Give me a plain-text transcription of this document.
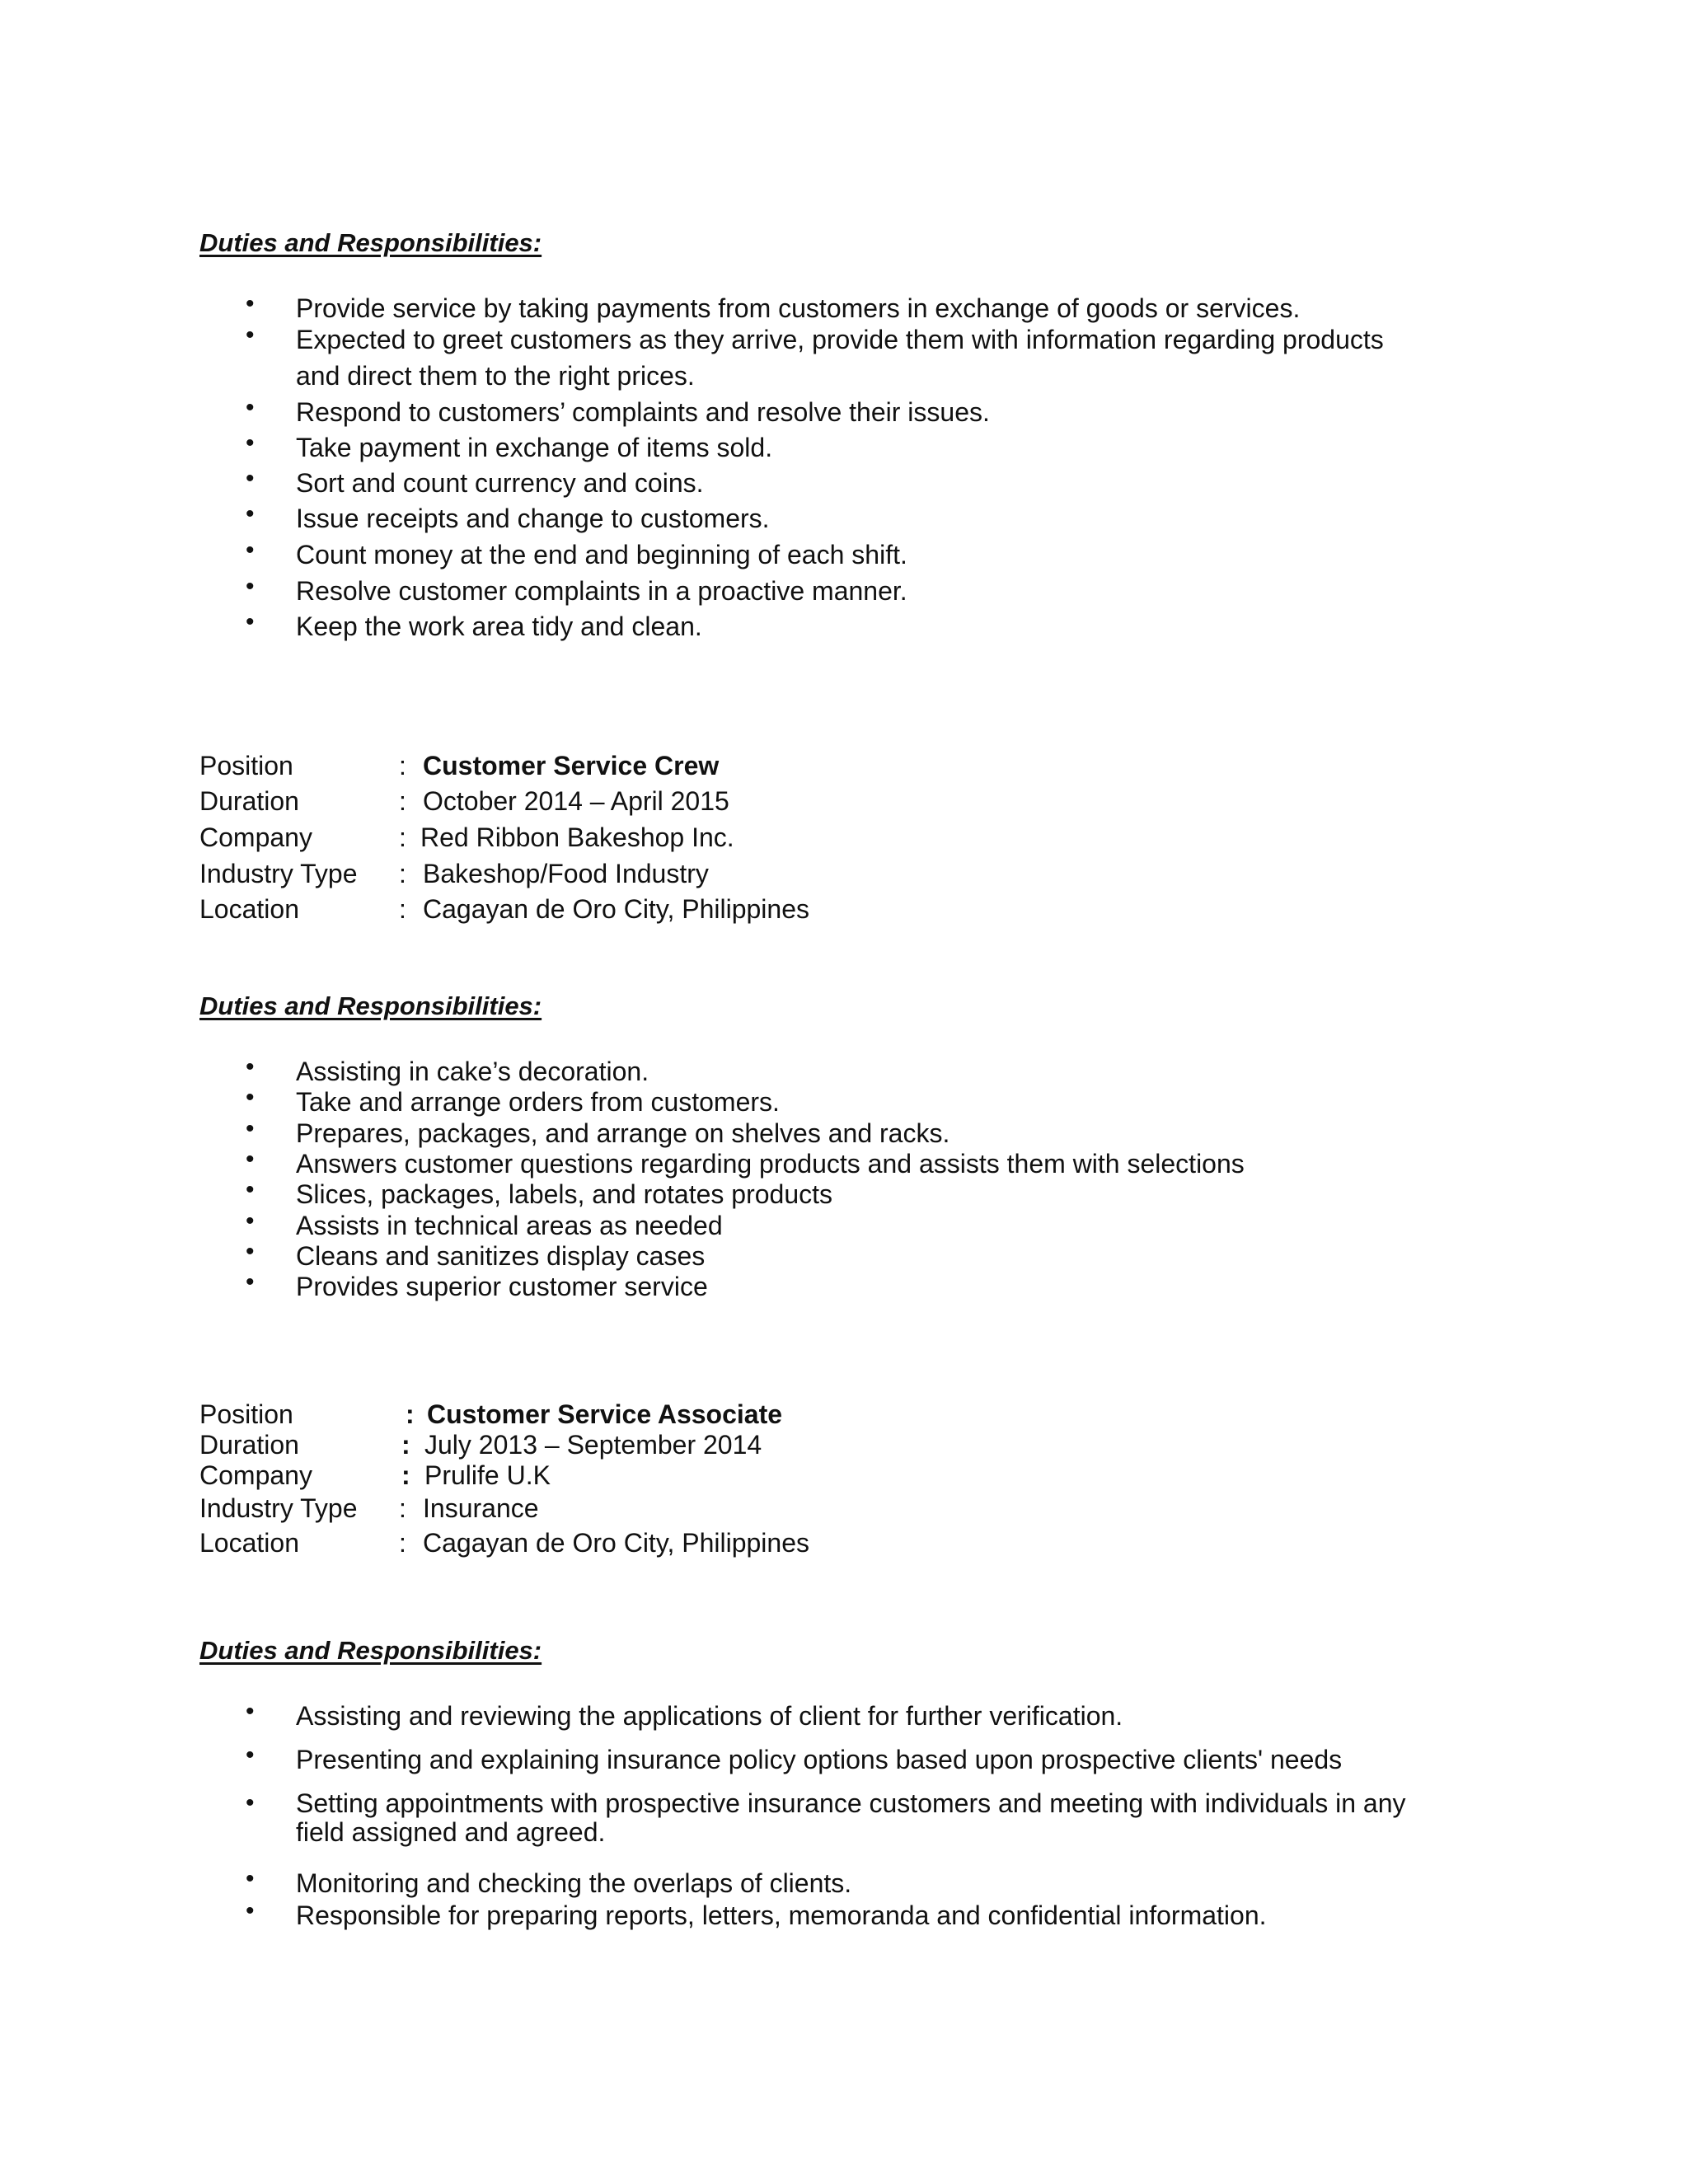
Duties and Responsibilities:
• Provide service by taking payments from customers in exchange of goods or services.
• Expected to greet customers as they arrive, provide them with information regarding products and direct them to the right prices.
• Respond to customers’ complaints and resolve their issues.
• Take payment in exchange of items sold.
• Sort and count currency and coins.
• Issue receipts and change to customers.
• Count money at the end and beginning of each shift.
• Resolve customer complaints in a proactive manner.
• Keep the work area tidy and clean.
Position	: Customer Service Crew
Duration	: October 2014 – April 2015
Company	: Red Ribbon Bakeshop Inc.
Industry Type : Bakeshop/Food Industry
Location	: Cagayan de Oro City, Philippines
Duties and Responsibilities:
• Assisting in cake’s decoration.
• Take and arrange orders from customers.
• Prepares, packages, and arrange on shelves and racks.
• Answers customer questions regarding products and assists them with selections
• Slices, packages, labels, and rotates products
• Assists in technical areas as needed
• Cleans and sanitizes display cases
• Provides superior customer service
Position	: Customer Service Associate
Duration	: July 2013 – September 2014
Company	: Prulife U.K
Industry Type : Insurance
Location	: Cagayan de Oro City, Philippines
Duties and Responsibilities:
• Assisting and reviewing the applications of client for further verification.
• Presenting and explaining insurance policy options based upon prospective clients' needs
• Setting appointments with prospective insurance customers and meeting with individuals in any field assigned and agreed.
• Monitoring and checking the overlaps of clients.
• Responsible for preparing reports, letters, memoranda and confidential information.
